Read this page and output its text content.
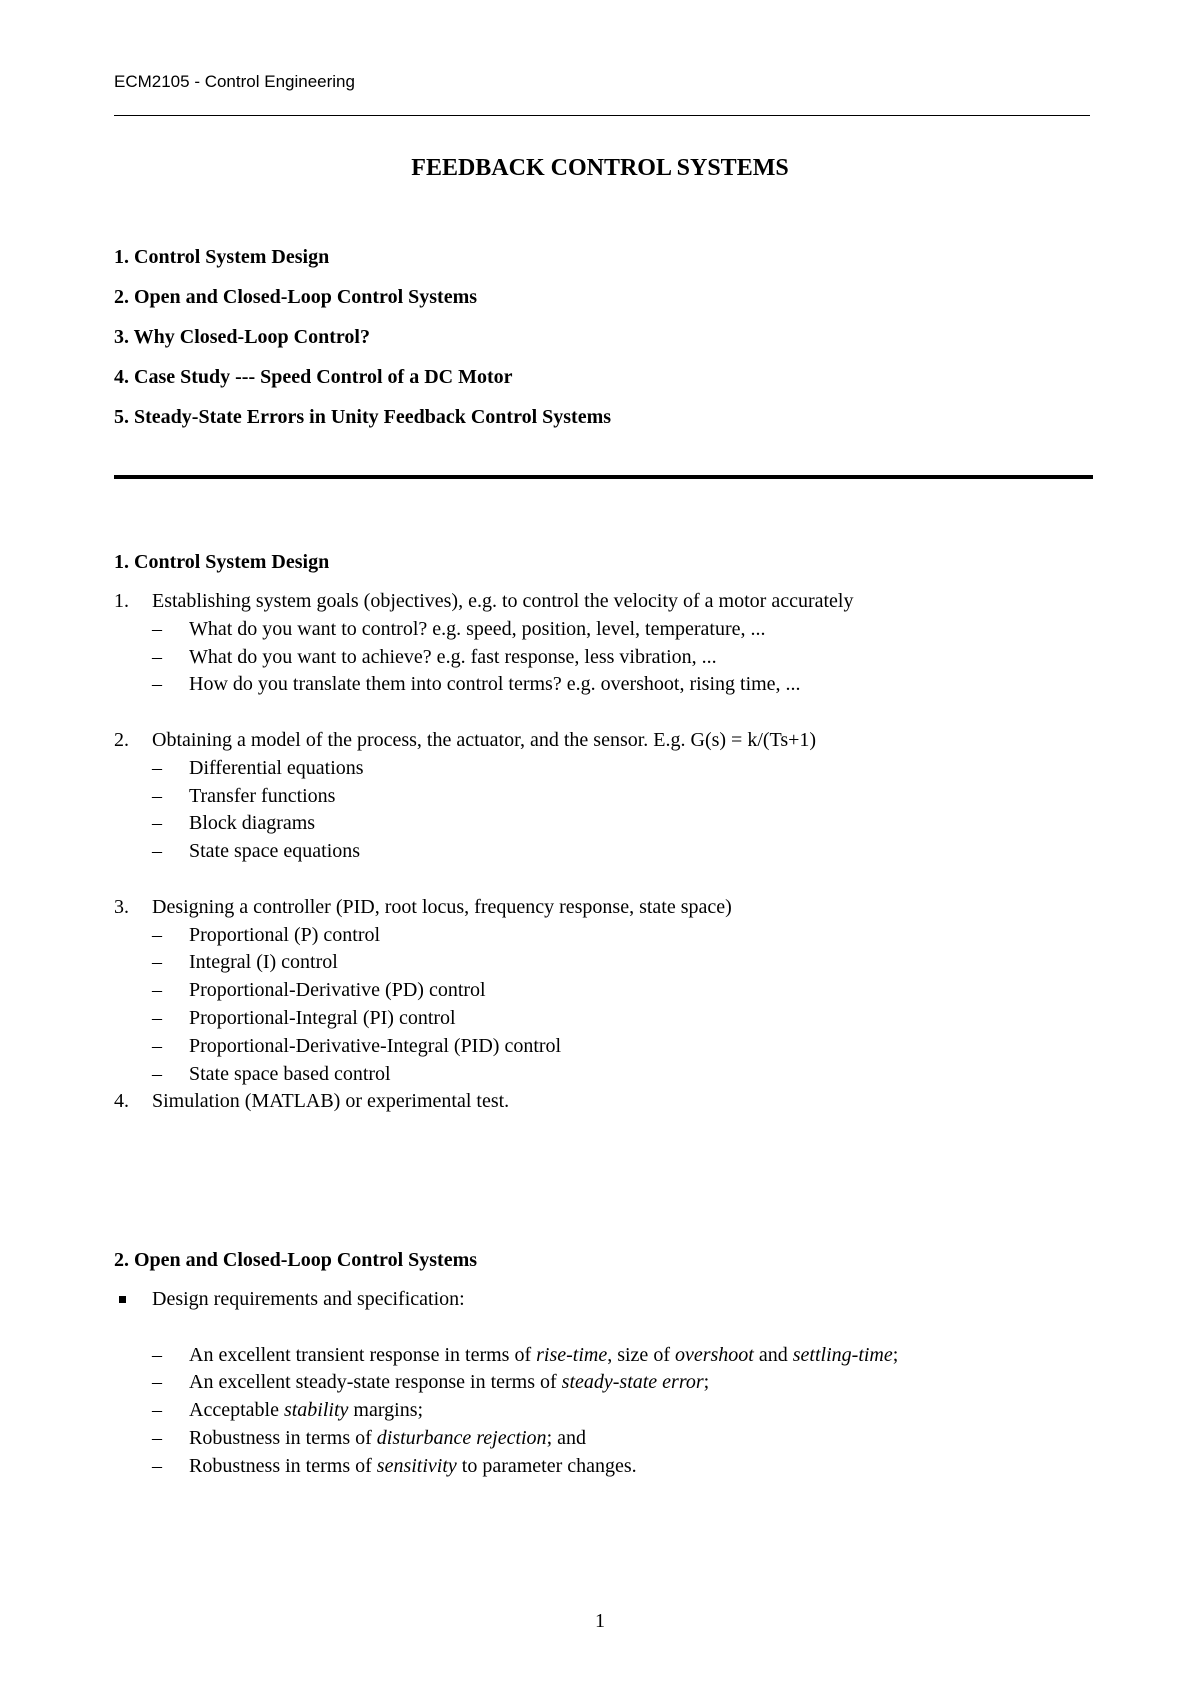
ECM2105 - Control Engineering
FEEDBACK CONTROL SYSTEMS
1. Control System Design
2. Open and Closed-Loop Control Systems
3. Why Closed-Loop Control?
4. Case Study --- Speed Control of a DC Motor
5. Steady-State Errors in Unity Feedback Control Systems
1. Control System Design
1. Establishing system goals (objectives), e.g. to control the velocity of a motor accurately
– What do you want to control? e.g. speed, position, level, temperature, ...
– What do you want to achieve? e.g. fast response, less vibration, ...
– How do you translate them into control terms? e.g. overshoot, rising time, ...
2. Obtaining a model of the process, the actuator, and the sensor. E.g. G(s) = k/(Ts+1)
– Differential equations
– Transfer functions
– Block diagrams
– State space equations
3. Designing a controller (PID, root locus, frequency response, state space)
– Proportional (P) control
– Integral (I) control
– Proportional-Derivative (PD) control
– Proportional-Integral (PI) control
– Proportional-Derivative-Integral (PID) control
– State space based control
4. Simulation (MATLAB) or experimental test.
2. Open and Closed-Loop Control Systems
Design requirements and specification:
– An excellent transient response in terms of rise-time, size of overshoot and settling-time;
– An excellent steady-state response in terms of steady-state error;
– Acceptable stability margins;
– Robustness in terms of disturbance rejection; and
– Robustness in terms of sensitivity to parameter changes.
1
